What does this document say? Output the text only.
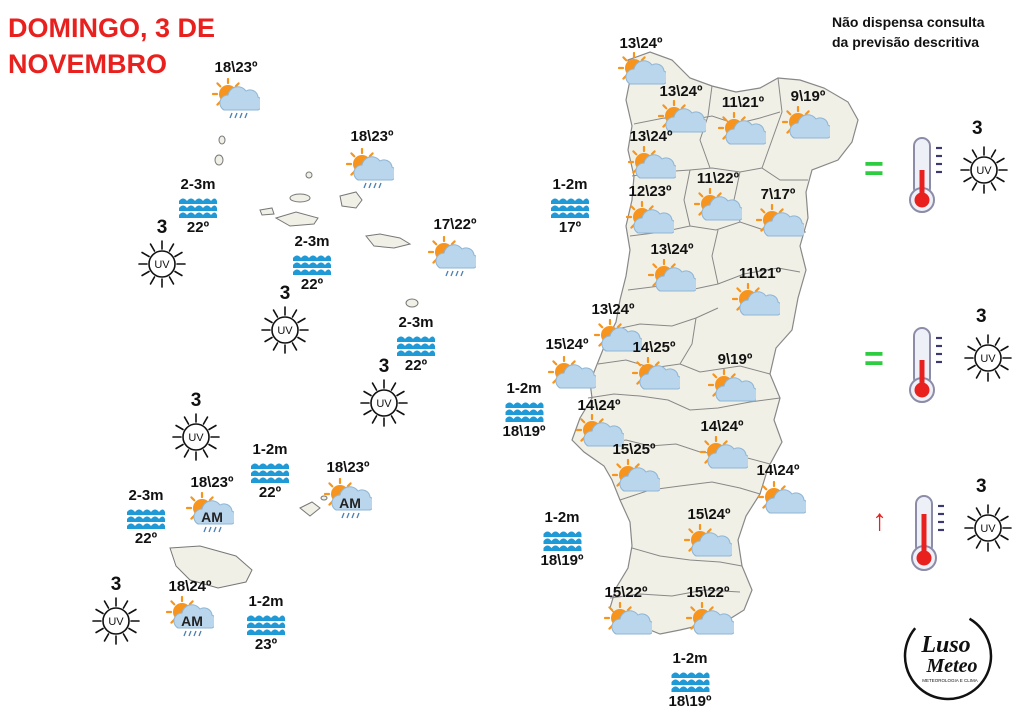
DOMINGO, 3 DE
NOVEMBRO
Não dispensa consulta
da previsão descritiva
13\24º
13\24º
11\21º 9\19º
13\24º
12\23º
11\22º
7\17º
13\24º
11\21º
13\24º
15\24º	14\25º
9\19º
14\24º
14\24º
15\25º
14\24º
15\24º
15\22º	15\22º
18\23º
18\23º
17\22º
18\23º
AM
18\23º
AM
18\24º
AM
1-2m
17º
1-2m
18\19º
1-2m
18\19º
1-2m
18\19º
2-3m
22º
2-3m
22º
2-3m
22º
1-2m
22º
2-3m
22º
1-2m
23º
3
UV
3
UV
3
UV
3
UV
3
UV
=
3
UV
=
3
UV
↑
3
UV
Luso
Meteo
METEOROLOGIA E CLIMA
